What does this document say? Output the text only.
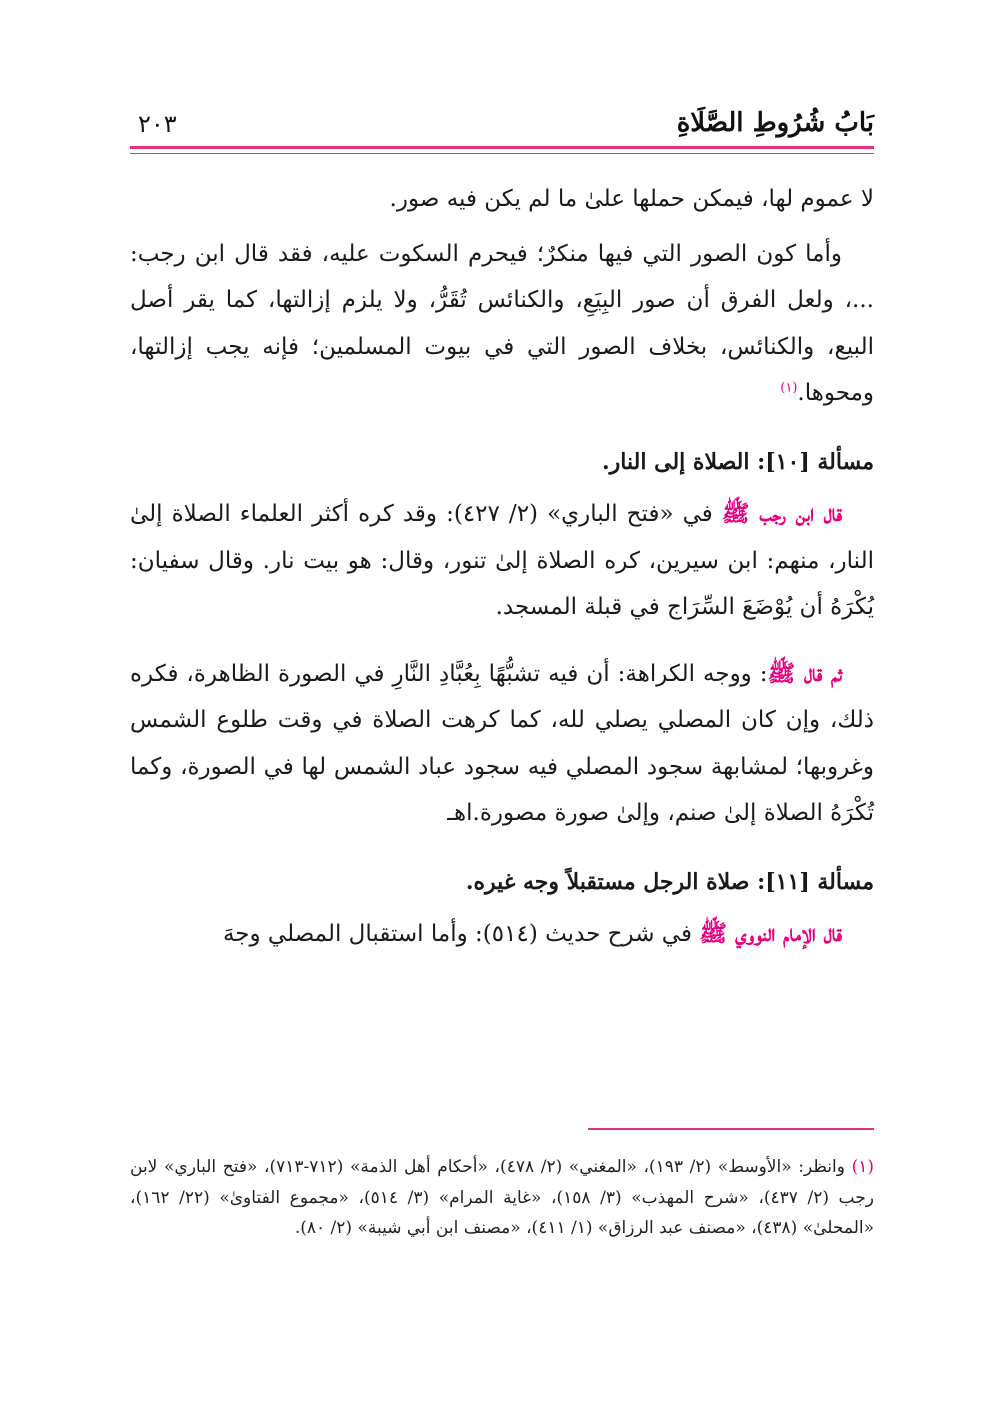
بَابُ شُرُوطِ الصَّلَاةِ
٢٠٣

لا عموم لها، فيمكن حملها علىٰ ما لم يكن فيه صور.

وأما كون الصور التي فيها منكرٌ؛ فيحرم السكوت عليه، فقد قال ابن رجب: ...، ولعل الفرق أن صور البِيَعِ، والكنائس تُقَرُّ، ولا يلزم إزالتها، كما يقر أصل البيع، والكنائس، بخلاف الصور التي في بيوت المسلمين؛ فإنه يجب إزالتها، ومحوها.$^{(١)}$

مسألة [١٠]: الصلاة إلى النار.

قال ابن رجب ﷺ في «فتح الباري» (٢/ ٤٢٧): وقد كره أكثر العلماء الصلاة إلىٰ النار، منهم: ابن سيرين، كره الصلاة إلىٰ تنور، وقال: هو بيت نار. وقال سفيان: يُكْرَهُ أن يُوْضَعَ السِّرَاج في قبلة المسجد.

ثم قال ﷺ: ووجه الكراهة: أن فيه تشبُّهًا بِعُبَّادِ النَّارِ في الصورة الظاهرة، فكره ذلك، وإن كان المصلي يصلي لله، كما كرهت الصلاة في وقت طلوع الشمس وغروبها؛ لمشابهة سجود المصلي فيه سجود عباد الشمس لها في الصورة، وكما تُكْرَهُ الصلاة إلىٰ صنم، وإلىٰ صورة مصورة.اهـ

مسألة [١١]: صلاة الرجل مستقبلاً وجه غيره.

قال الإمام النووي ﷺ في شرح حديث (٥١٤): وأما استقبال المصلي وجهَ

(١) وانظر: «الأوسط» (٢/ ١٩٣)، «المغني» (٢/ ٤٧٨)، «أحكام أهل الذمة» (٧١٢-٧١٣)، «فتح الباري» لابن رجب (٢/ ٤٣٧)، «شرح المهذب» (٣/ ١٥٨)، «غاية المرام» (٣/ ٥١٤)، «مجموع الفتاوىٰ» (٢٢/ ١٦٢)، «المحلىٰ» (٤٣٨)، «مصنف عبد الرزاق» (١/ ٤١١)، «مصنف ابن أبي شيبة» (٢/ ٨٠).
